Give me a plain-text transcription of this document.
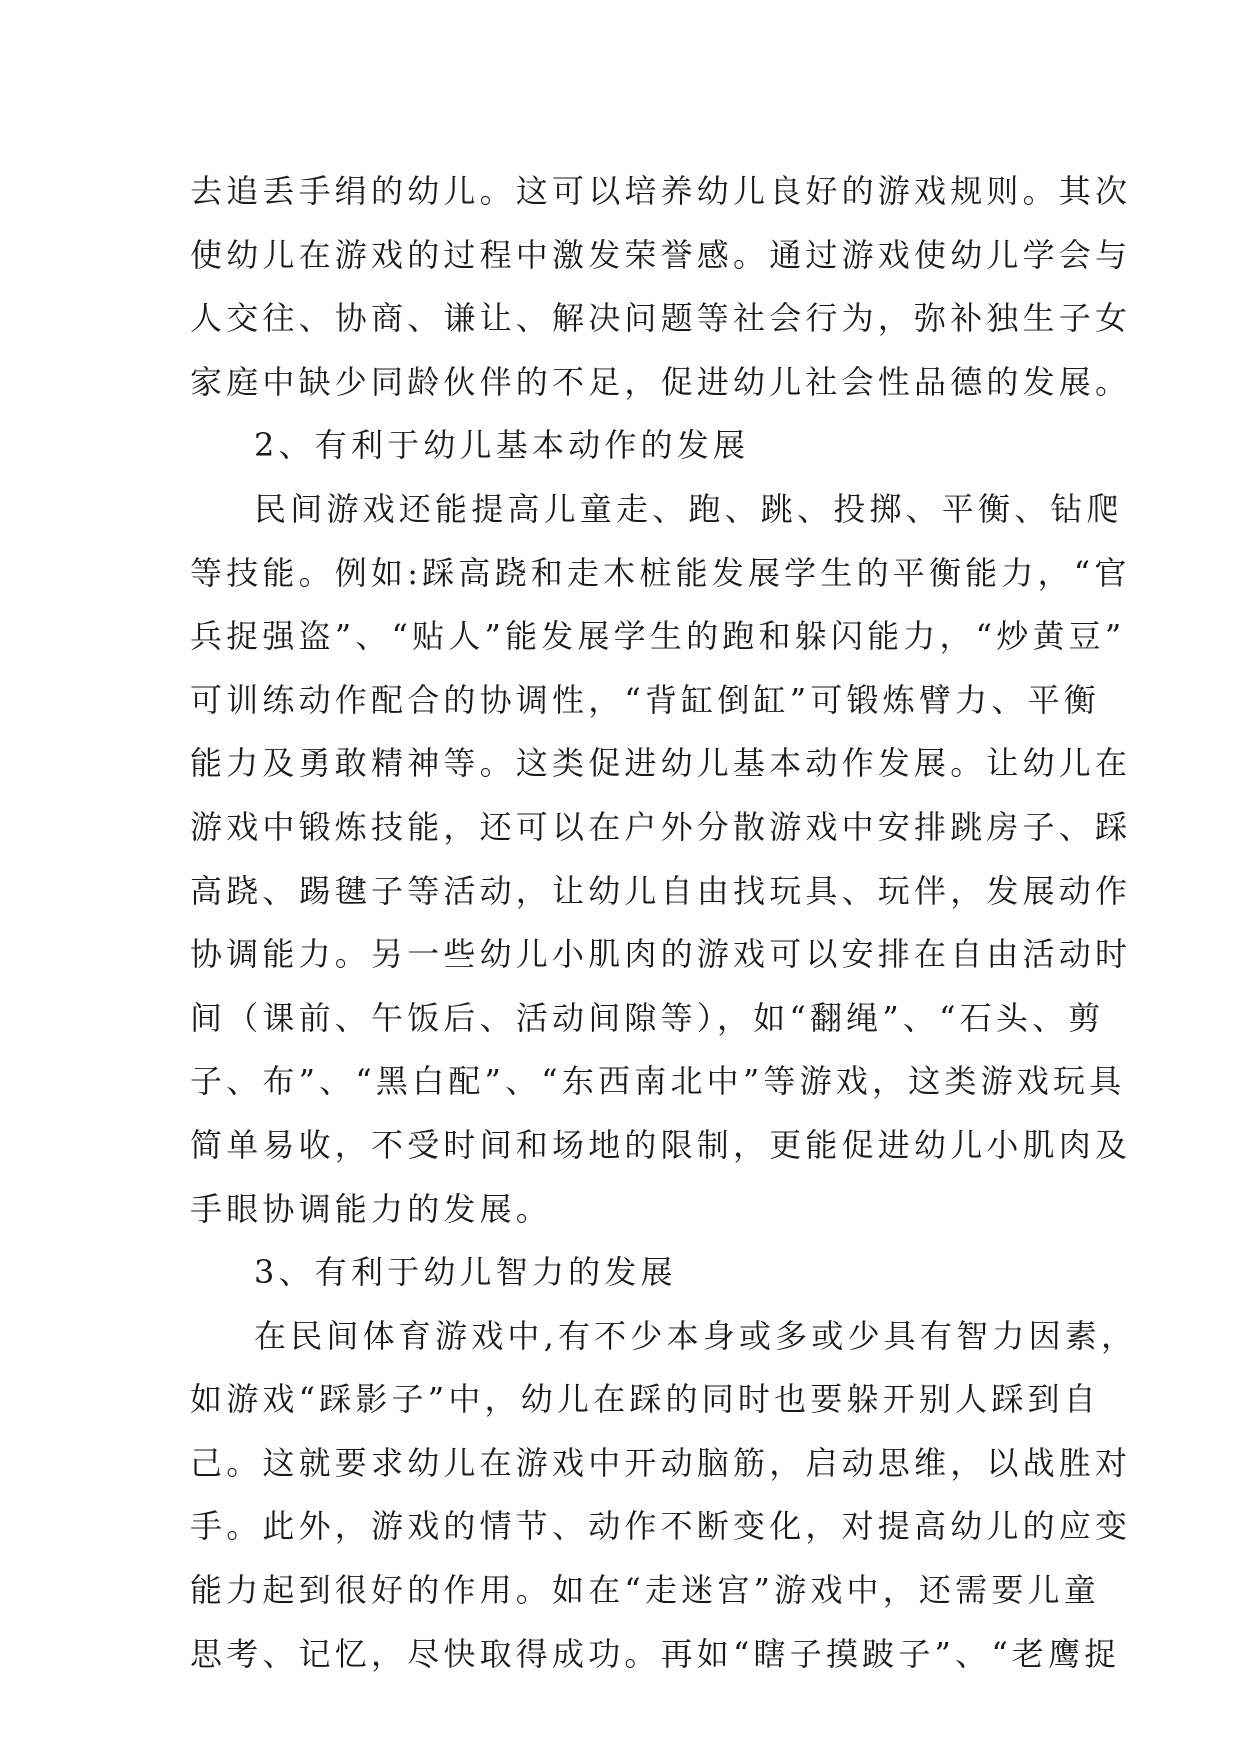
去追丢手绢的幼儿。这可以培养幼儿良好的游戏规则。其次
使幼儿在游戏的过程中激发荣誉感。通过游戏使幼儿学会与
人交往、协商、谦让、解决问题等社会行为，弥补独生子女
家庭中缺少同龄伙伴的不足，促进幼儿社会性品德的发展。
2、有利于幼儿基本动作的发展
民间游戏还能提高儿童走、跑、跳、投掷、平衡、钻爬
等技能。例如:踩高跷和走木桩能发展学生的平衡能力，“官
兵捉强盗”、“贴人”能发展学生的跑和躲闪能力，“炒黄豆”
可训练动作配合的协调性，“背缸倒缸”可锻炼臂力、平衡
能力及勇敢精神等。这类促进幼儿基本动作发展。让幼儿在
游戏中锻炼技能，还可以在户外分散游戏中安排跳房子、踩
高跷、踢毽子等活动，让幼儿自由找玩具、玩伴，发展动作
协调能力。另一些幼儿小肌肉的游戏可以安排在自由活动时
间（课前、午饭后、活动间隙等），如“翻绳”、“石头、剪
子、布”、“黑白配”、“东西南北中”等游戏，这类游戏玩具
简单易收，不受时间和场地的限制，更能促进幼儿小肌肉及
手眼协调能力的发展。
3、有利于幼儿智力的发展
在民间体育游戏中,有不少本身或多或少具有智力因素，
如游戏“踩影子”中，幼儿在踩的同时也要躲开别人踩到自
己。这就要求幼儿在游戏中开动脑筋，启动思维，以战胜对
手。此外，游戏的情节、动作不断变化，对提高幼儿的应变
能力起到很好的作用。如在“走迷宫”游戏中，还需要儿童
思考、记忆，尽快取得成功。再如“瞎子摸跛子”、“老鹰捉
